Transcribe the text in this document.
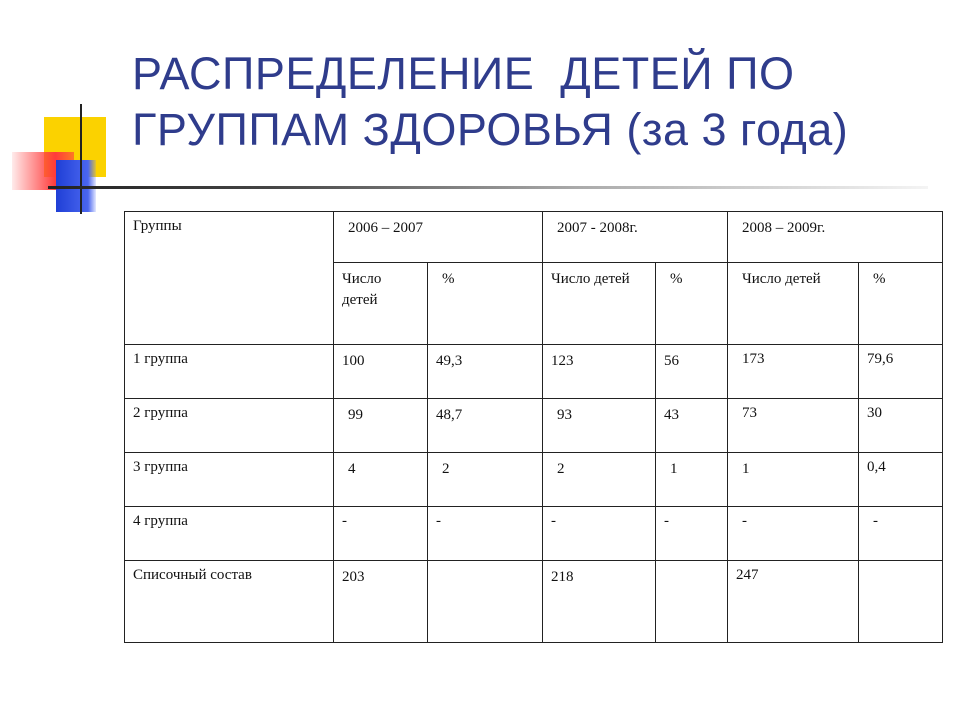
РАСПРЕДЕЛЕНИЕ  ДЕТЕЙ ПО
ГРУППАМ ЗДОРОВЬЯ (за 3 года)
Группы	2006 – 2007		2007 - 2008г.		2008 – 2009г.	
	Число детей	%	Число детей	%	Число детей	%
1 группа	100	49,3	123	56	173	79,6
2 группа	99	48,7	93	43	73	30
3 группа	4	2	2	1	1	0,4
4 группа	-	-	-	-	-	-
Списочный состав	203		218		247	
